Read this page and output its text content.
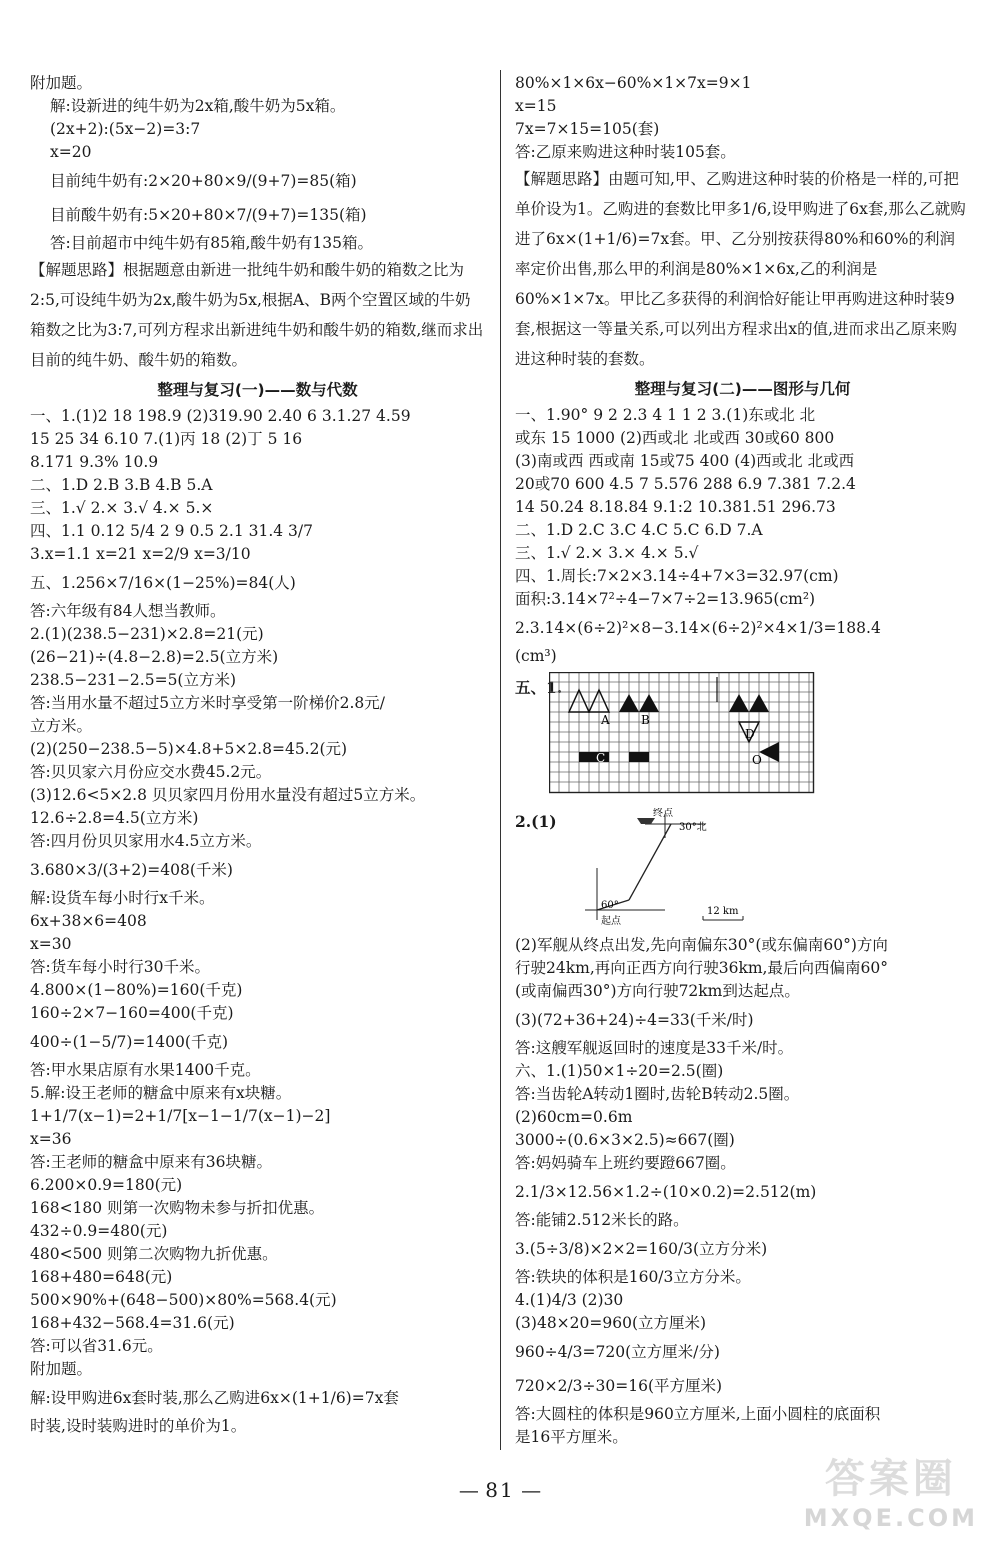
附加题。

解:设新进的纯牛奶为2x箱,酸牛奶为5x箱。

(2x+2):(5x−2)=3:7

x=20

目前纯牛奶有:2×20+80×9/(9+7)=85(箱)

目前酸牛奶有:5×20+80×7/(9+7)=135(箱)

答:目前超市中纯牛奶有85箱,酸牛奶有135箱。

【解题思路】根据题意由新进一批纯牛奶和酸牛奶的箱数之比为2:5,可设纯牛奶为2x,酸牛奶为5x,根据A、B两个空置区域的牛奶箱数之比为3:7,可列方程求出新进纯牛奶和酸牛奶的箱数,继而求出目前的纯牛奶、酸牛奶的箱数。

整理与复习(一)——数与代数

一、1.(1)2 18 198.9 (2)319.90 2.40 6 3.1.27 4.59

15 25 34 6.10 7.(1)丙 18 (2)丁 5 16

8.171 9.3% 10.9

二、1.D 2.B 3.B 4.B 5.A

三、1.√ 2.× 3.√ 4.× 5.×

四、1.1 0.12 5/4 2 9 0.5 2.1 31.4 3/7

3.x=1.1 x=21 x=2/9 x=3/10

五、1.256×7/16×(1−25%)=84(人)

答:六年级有84人想当教师。

2.(1)(238.5−231)×2.8=21(元)

(26−21)÷(4.8−2.8)=2.5(立方米)

238.5−231−2.5=5(立方米)

答:当用水量不超过5立方米时享受第一阶梯价2.8元/

立方米。

(2)(250−238.5−5)×4.8+5×2.8=45.2(元)

答:贝贝家六月份应交水费45.2元。

(3)12.6<5×2.8 贝贝家四月份用水量没有超过5立方米。

12.6÷2.8=4.5(立方米)

答:四月份贝贝家用水4.5立方米。

3.680×3/(3+2)=408(千米)

解:设货车每小时行x千米。

6x+38×6=408

x=30

答:货车每小时行30千米。

4.800×(1−80%)=160(千克)

160÷2×7−160=400(千克)

400÷(1−5/7)=1400(千克)

答:甲水果店原有水果1400千克。

5.解:设王老师的糖盒中原来有x块糖。

1+1/7(x−1)=2+1/7[x−1−1/7(x−1)−2]

x=36

答:王老师的糖盒中原来有36块糖。

6.200×0.9=180(元)

168<180 则第一次购物未参与折扣优惠。

432÷0.9=480(元)

480<500 则第二次购物九折优惠。

168+480=648(元)

500×90%+(648−500)×80%=568.4(元)

168+432−568.4=31.6(元)

答:可以省31.6元。

附加题。

解:设甲购进6x套时装,那么乙购进6x×(1+1/6)=7x套

时装,设时装购进时的单价为1。

80%×1×6x−60%×1×7x=9×1

x=15

7x=7×15=105(套)

答:乙原来购进这种时装105套。

【解题思路】由题可知,甲、乙购进这种时装的价格是一样的,可把单价设为1。乙购进的套数比甲多1/6,设甲购进了6x套,那么乙就购进了6x×(1+1/6)=7x套。甲、乙分别按获得80%和60%的利润率定价出售,那么甲的利润是80%×1×6x,乙的利润是60%×1×7x。甲比乙多获得的利润恰好能让甲再购进这种时装9套,根据这一等量关系,可以列出方程求出x的值,进而求出乙原来购进这种时装的套数。

整理与复习(二)——图形与几何

一、1.90° 9 2 2.3 4 1 1 2 3.(1)东或北 北

或东 15 1000 (2)西或北 北或西 30或60 800

(3)南或西 西或南 15或75 400 (4)西或北 北或西

20或70 600 4.5 7 5.576 288 6.9 7.381 7.2.4

14 50.24 8.18.84 9.1:2 10.381.51 296.73

二、1.D 2.C 3.C 4.C 5.C 6.D 7.A

三、1.√ 2.× 3.× 4.× 5.√

四、1.周长:7×2×3.14÷4+7×3=32.97(cm)

面积:3.14×7²÷4−7×7÷2=13.965(cm²)

2.3.14×(6÷2)²×8−3.14×(6÷2)²×4×1/3=188.4

(cm³)

五、1.
A	B
C
D
O
2.(1)	终点
30°北
60°
起点
12 km

(2)军舰从终点出发,先向南偏东30°(或东偏南60°)方向

行驶24km,再向正西方向行驶36km,最后向西偏南60°

(或南偏西30°)方向行驶72km到达起点。

(3)(72+36+24)÷4=33(千米/时)

答:这艘军舰返回时的速度是33千米/时。

六、1.(1)50×1÷20=2.5(圈)

答:当齿轮A转动1圈时,齿轮B转动2.5圈。

(2)60cm=0.6m

3000÷(0.6×3×2.5)≈667(圈)

答:妈妈骑车上班约要蹬667圈。

2.1/3×12.56×1.2÷(10×0.2)=2.512(m)

答:能铺2.512米长的路。

3.(5÷3/8)×2×2=160/3(立方分米)

答:铁块的体积是160/3立方分米。

4.(1)4/3 (2)30

(3)48×20=960(立方厘米)

960÷4/3=720(立方厘米/分)

720×2/3÷30=16(平方厘米)

答:大圆柱的体积是960立方厘米,上面小圆柱的底面积

是16平方厘米。

— 81 —	答案圈
MXQE.COM
